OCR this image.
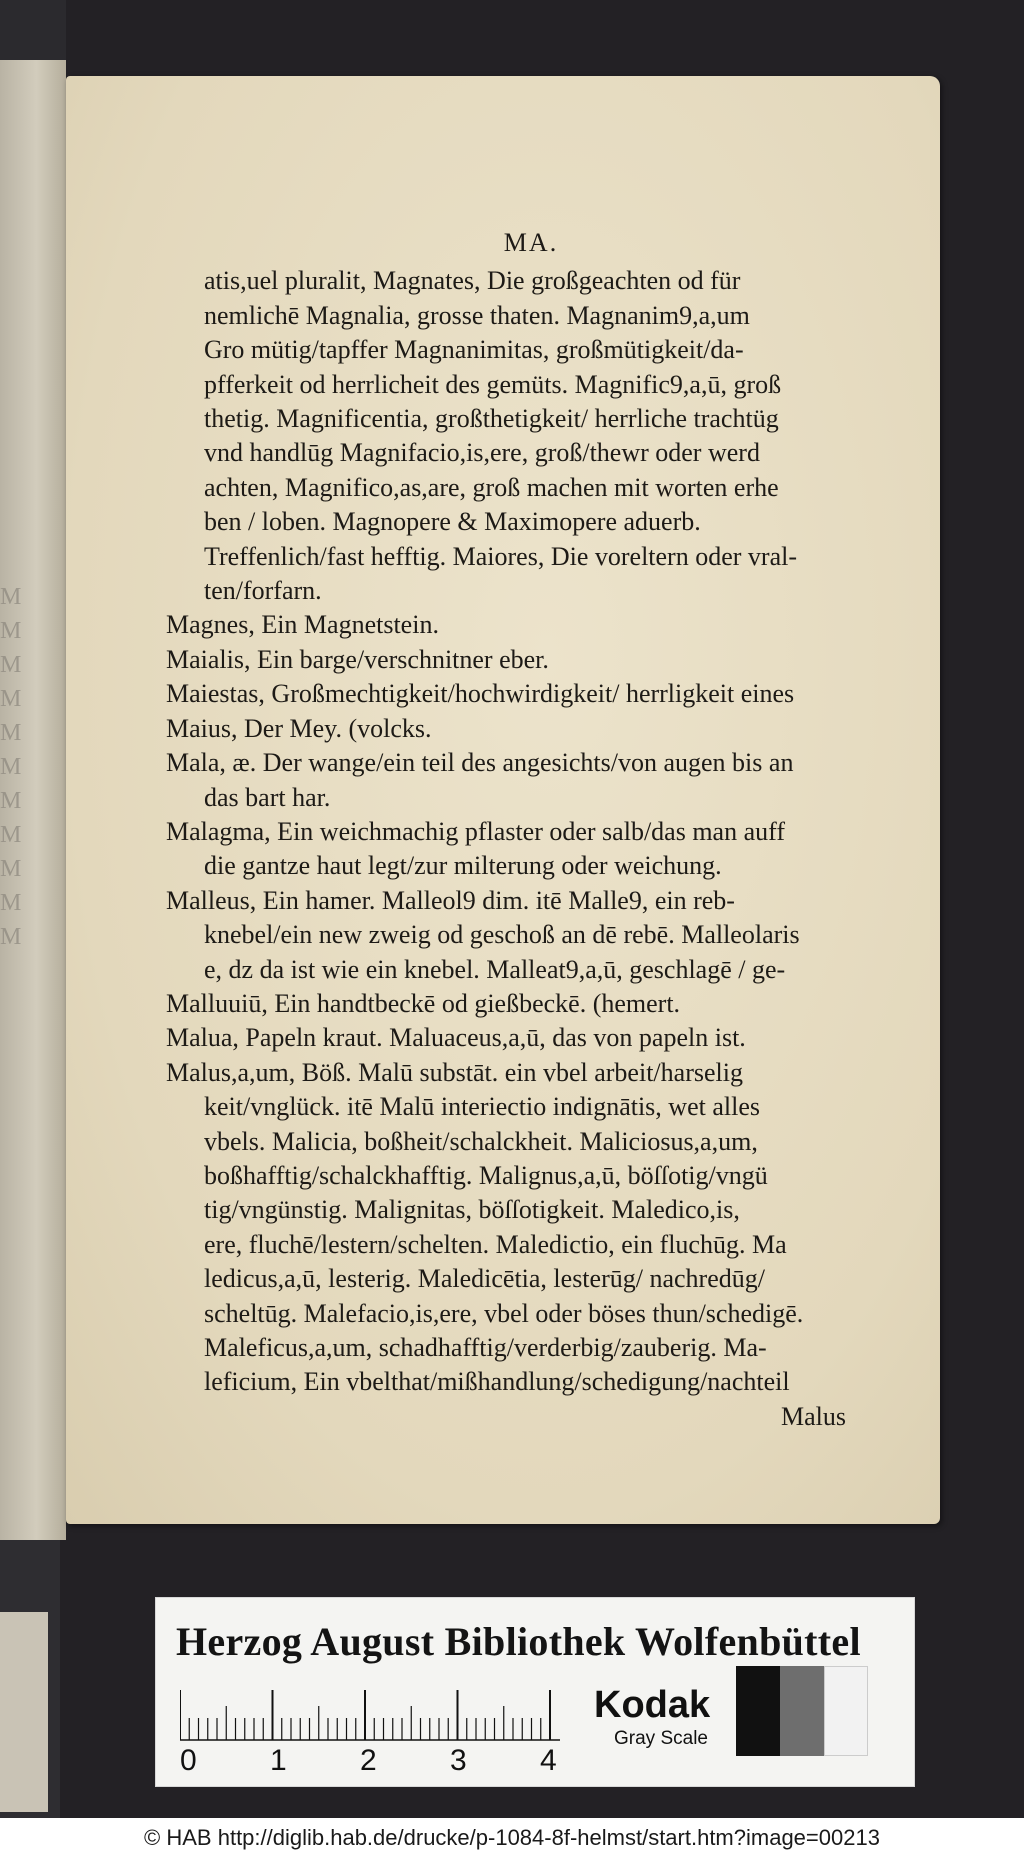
M
M
M
M
M
M
M
M
M
M
M
MA.
atis,uel pluralit, Magnates, Die großgeachten od für
nemlichē Magnalia, grosse thaten. Magnanim9,a,um
Gro mütig/tapffer Magnanimitas, großmütigkeit/da-
pfferkeit od herrlicheit des gemüts. Magnific9,a,ū, groß
thetig. Magnificentia, großthetigkeit/ herrliche trachtüg
vnd handlūg Magnifacio,is,ere, groß/thewr oder werd
achten, Magnifico,as,are, groß machen mit worten erhe
ben / loben. Magnopere & Maximopere aduerb.
Treffenlich/fast hefftig. Maiores, Die voreltern oder vral-
ten/forfarn.
Magnes, Ein Magnetstein.
Maialis, Ein barge/verschnitner eber.
Maiestas, Großmechtigkeit/hochwirdigkeit/ herrligkeit eines
Maius, Der Mey. (volcks.
Mala, æ. Der wange/ein teil des angesichts/von augen bis an
das bart har.
Malagma, Ein weichmachig pflaster oder salb/das man auff
die gantze haut legt/zur milterung oder weichung.
Malleus, Ein hamer. Malleol9 dim. itē Malle9, ein reb-
knebel/ein new zweig od geschoß an dē rebē. Malleolaris
e, dz da ist wie ein knebel. Malleat9,a,ū, geschlagē / ge-
Malluuiū, Ein handtbeckē od gießbeckē. (hemert.
Malua, Papeln kraut. Maluaceus,a,ū, das von papeln ist.
Malus,a,um, Böß. Malū substāt. ein vbel arbeit/harselig
keit/vnglück. itē Malū interiectio indignātis, wet alles
vbels. Malicia, boßheit/schalckheit. Maliciosus,a,um,
boßhafftig/schalckhafftig. Malignus,a,ū, böſſotig/vngü
tig/vngünstig. Malignitas, böſſotigkeit. Maledico,is,
ere, fluchē/lestern/schelten. Maledictio, ein fluchūg. Ma
ledicus,a,ū, lesterig. Maledicētia, lesterūg/ nachredūg/
scheltūg. Malefacio,is,ere, vbel oder böses thun/schedigē.
Maleficus,a,um, schadhafftig/verderbig/zauberig. Ma-
leficium, Ein vbelthat/mißhandlung/schedigung/nachteil
Malus
Herzog August Bibliothek Wolfenbüttel
0 1 2 3 4
Kodak
Gray Scale
© HAB http://diglib.hab.de/drucke/p-1084-8f-helmst/start.htm?image=00213
